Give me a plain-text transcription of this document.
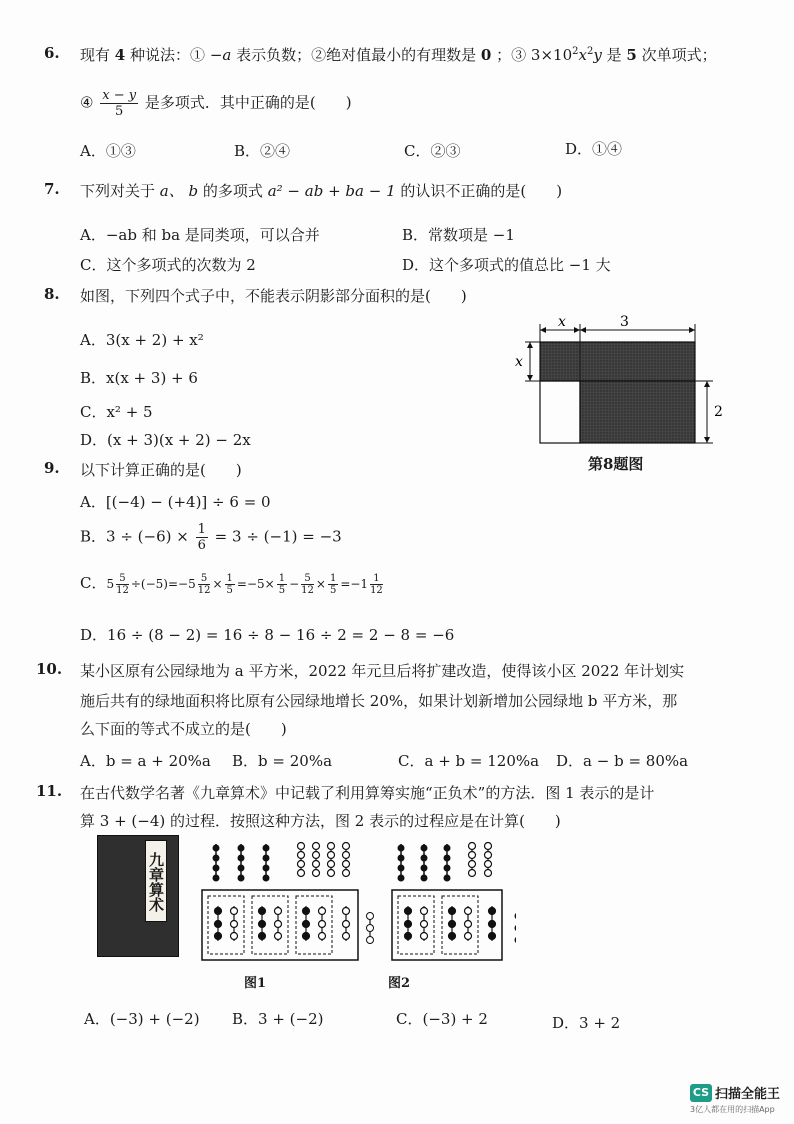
6. 现有 4 种说法：① −a 表示负数；②绝对值最小的有理数是 0 ；③ $3\times 10^2x^2y$ 是 5 次单项式；
④ $\frac{x - y}{5}$ 是多项式．其中正确的是(　　)
A．①③	B．②④	C．②③	D．①④
7. 下列对关于 a、 b 的多项式 a² − ab + ba − 1 的认识不正确的是(　　)
A．−ab 和 ba 是同类项，可以合并	B．常数项是 −1
C．这个多项式的次数为 2	D．这个多项式的值总比 −1 大
8. 如图，下列四个式子中，不能表示阴影部分面积的是(　　)
A．3(x + 2) + x²
B．x(x + 3) + 6
C．x² + 5
D．(x + 3)(x + 2) − 2x
x	3
x
2
第8题图
9. 以下计算正确的是(　　)
A．[(−4) − (+4)] ÷ 6 = 0
B．$3 \div (-6) \times \frac{1}{6} = 3 \div (-1) = -3$
C．$5 \frac{5}{12} \div(-5)=-5 \frac{5}{12} \times \frac{1}{5} =-5\times \frac{1}{5} - \frac{5}{12} \times \frac{1}{5} =-1 \frac{1}{12}$
D．16 ÷ (8 − 2) = 16 ÷ 8 − 16 ÷ 2 = 2 − 8 = −6
10. 某小区原有公园绿地为 a 平方米，2022 年元旦后将扩建改造，使得该小区 2022 年计划实
施后共有的绿地面积将比原有公园绿地增长 20%，如果计划新增加公园绿地 b 平方米，那
么下面的等式不成立的是(　　)
A．b = a + 20%a B．b = 20%a	C．a + b = 120%a D．a − b = 80%a
11. 在古代数学名著《九章算术》中记载了利用算筹实施“正负术”的方法．图 1 表示的是计
算 3 + (−4) 的过程．按照这种方法，图 2 表示的过程应是在计算(　　)
九章算术
图1	图2
A．(−3) + (−2) B．3 + (−2)	C．(−3) + 2	D．3 + 2
CS 扫描全能王
3亿人都在用的扫描App
